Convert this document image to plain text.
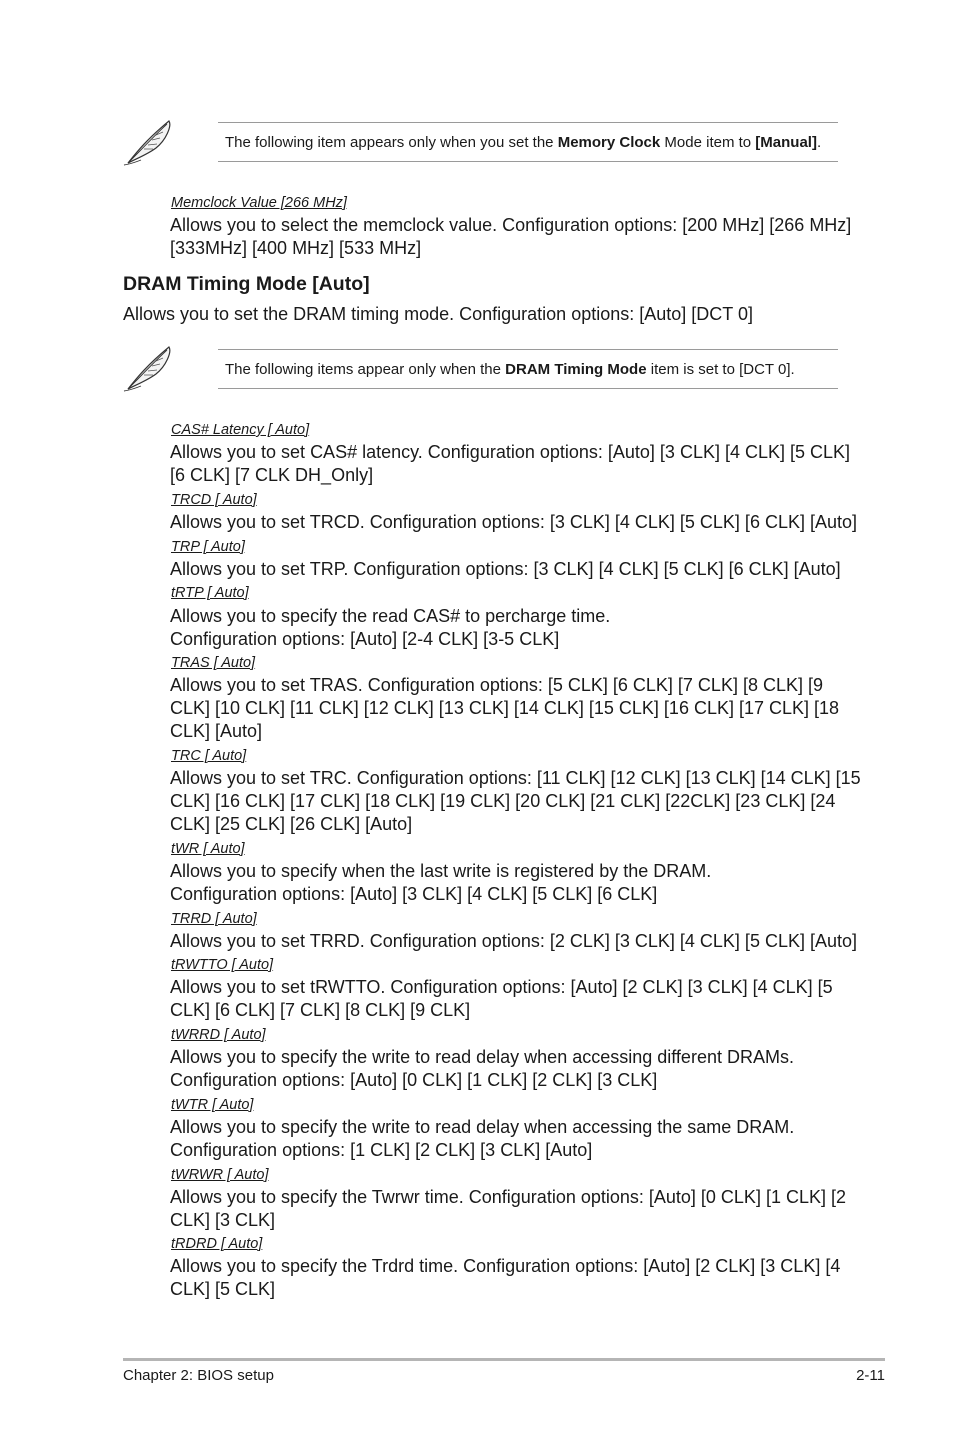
The following item appears only when you set the Memory Clock Mode item to [Manual].
Memclock Value [266 MHz]
Allows you to select the memclock value. Configuration options: [200 MHz] [266 MHz]
[333MHz] [400 MHz] [533 MHz]
DRAM Timing Mode [Auto]
Allows you to set the DRAM timing mode. Configuration options: [Auto] [DCT 0]
The following items appear only when the DRAM Timing Mode item is set to [DCT 0].
CAS# Latency [ Auto]
Allows you to set CAS# latency. Configuration options: [Auto] [3 CLK] [4 CLK] [5 CLK]
[6 CLK] [7 CLK DH_Only]
TRCD [ Auto]
Allows you to set TRCD. Configuration options: [3 CLK] [4 CLK] [5 CLK] [6 CLK] [Auto]
TRP [ Auto]
Allows you to set TRP. Configuration options: [3 CLK] [4 CLK] [5 CLK] [6 CLK] [Auto]
tRTP [ Auto]
Allows you to specify the read CAS# to percharge time.
Configuration options: [Auto] [2-4 CLK] [3-5 CLK]
TRAS [ Auto]
Allows you to set TRAS. Configuration options: [5 CLK] [6 CLK] [7 CLK] [8 CLK] [9
CLK] [10 CLK] [11 CLK] [12 CLK] [13 CLK] [14 CLK] [15 CLK] [16 CLK] [17 CLK] [18
CLK] [Auto]
TRC [ Auto]
Allows you to set TRC. Configuration options: [11 CLK] [12 CLK] [13 CLK] [14 CLK] [15
CLK] [16 CLK] [17 CLK] [18 CLK] [19 CLK] [20 CLK] [21 CLK] [22CLK] [23 CLK] [24
CLK] [25 CLK] [26 CLK] [Auto]
tWR [ Auto]
Allows you to specify when the last write is registered by the DRAM.
Configuration options: [Auto] [3 CLK] [4 CLK] [5 CLK] [6 CLK]
TRRD [ Auto]
Allows you to set TRRD. Configuration options: [2 CLK] [3 CLK] [4 CLK] [5 CLK] [Auto]
tRWTTO [ Auto]
Allows you to set tRWTTO. Configuration options: [Auto] [2 CLK] [3 CLK] [4 CLK] [5
CLK] [6 CLK] [7 CLK] [8 CLK] [9 CLK]
tWRRD [ Auto]
Allows you to specify the write to read delay when accessing different DRAMs.
Configuration options: [Auto] [0 CLK] [1 CLK] [2 CLK] [3 CLK]
tWTR [ Auto]
Allows you to specify the write to read delay when accessing the same DRAM.
Configuration options: [1 CLK] [2 CLK] [3 CLK] [Auto]
tWRWR [ Auto]
Allows you to specify the Twrwr time. Configuration options: [Auto] [0 CLK] [1 CLK] [2
CLK] [3 CLK]
tRDRD [ Auto]
Allows you to specify the Trdrd time. Configuration options: [Auto] [2 CLK] [3 CLK] [4
CLK] [5 CLK]
Chapter 2: BIOS setup	2-11
